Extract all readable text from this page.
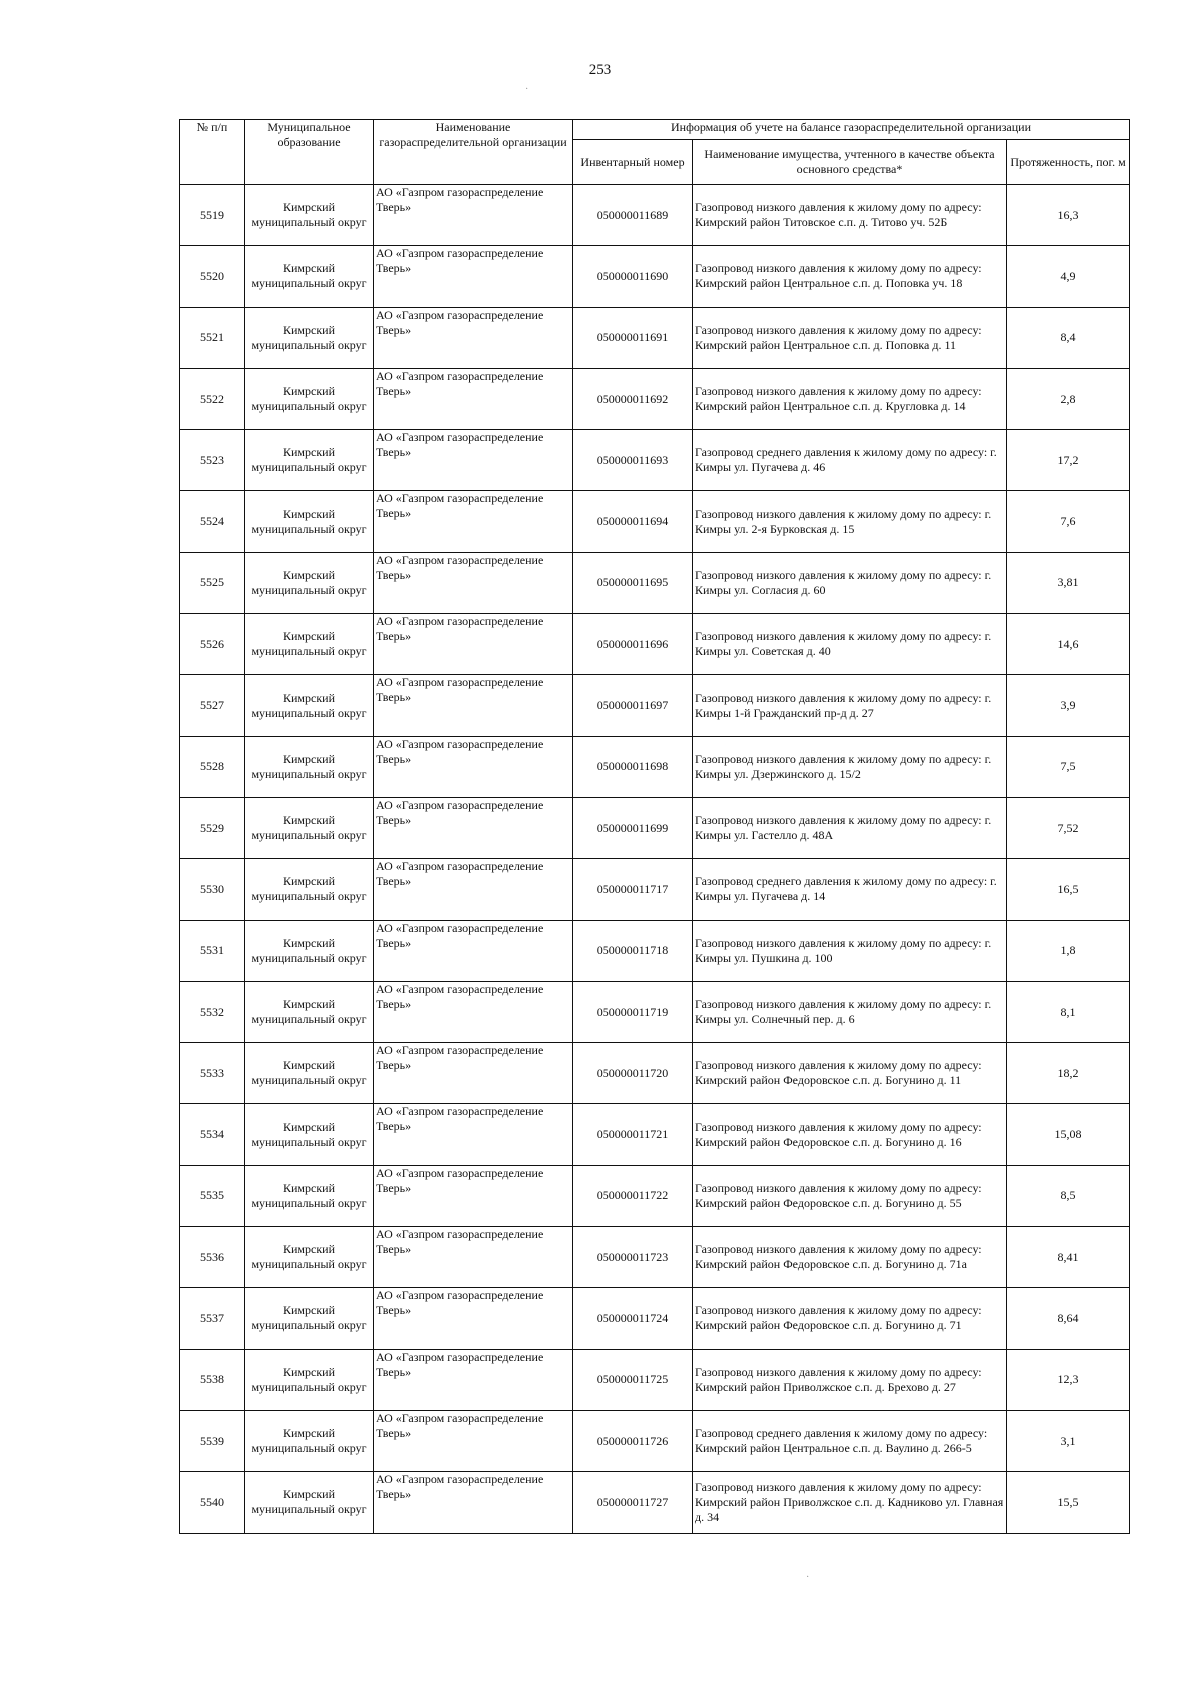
253
·
·
№ п/п	Муниципальное образование	Наименование газораспределительной организации	Информация об учете на балансе газораспределительной организации		
			Инвентарный номер	Наименование имущества, учтенного в качестве объекта основного средства*	Протяженность, пог. м
5519	Кимрский муниципальный округ	АО «Газпром газораспределение Тверь»	050000011689	Газопровод низкого давления к жилому дому по адресу: Кимрский район Титовское с.п. д. Титово уч. 52Б	16,3
5520	Кимрский муниципальный округ	АО «Газпром газораспределение Тверь»	050000011690	Газопровод низкого давления к жилому дому по адресу: Кимрский район Центральное с.п. д. Поповка уч. 18	4,9
5521	Кимрский муниципальный округ	АО «Газпром газораспределение Тверь»	050000011691	Газопровод низкого давления к жилому дому по адресу: Кимрский район Центральное с.п. д. Поповка д. 11	8,4
5522	Кимрский муниципальный округ	АО «Газпром газораспределение Тверь»	050000011692	Газопровод низкого давления к жилому дому по адресу: Кимрский район Центральное с.п. д. Кругловка д. 14	2,8
5523	Кимрский муниципальный округ	АО «Газпром газораспределение Тверь»	050000011693	Газопровод среднего давления к жилому дому по адресу: г. Кимры ул. Пугачева д. 46	17,2
5524	Кимрский муниципальный округ	АО «Газпром газораспределение Тверь»	050000011694	Газопровод низкого давления к жилому дому по адресу: г. Кимры ул. 2-я Бурковская д. 15	7,6
5525	Кимрский муниципальный округ	АО «Газпром газораспределение Тверь»	050000011695	Газопровод низкого давления к жилому дому по адресу: г. Кимры ул. Согласия д. 60	3,81
5526	Кимрский муниципальный округ	АО «Газпром газораспределение Тверь»	050000011696	Газопровод низкого давления к жилому дому по адресу: г. Кимры ул. Советская д. 40	14,6
5527	Кимрский муниципальный округ	АО «Газпром газораспределение Тверь»	050000011697	Газопровод низкого давления к жилому дому по адресу: г. Кимры 1-й Гражданский пр-д д. 27	3,9
5528	Кимрский муниципальный округ	АО «Газпром газораспределение Тверь»	050000011698	Газопровод низкого давления к жилому дому по адресу: г. Кимры ул. Дзержинского д. 15/2	7,5
5529	Кимрский муниципальный округ	АО «Газпром газораспределение Тверь»	050000011699	Газопровод низкого давления к жилому дому по адресу: г. Кимры ул. Гастелло д. 48А	7,52
5530	Кимрский муниципальный округ	АО «Газпром газораспределение Тверь»	050000011717	Газопровод среднего давления к жилому дому по адресу: г. Кимры ул. Пугачева д. 14	16,5
5531	Кимрский муниципальный округ	АО «Газпром газораспределение Тверь»	050000011718	Газопровод низкого давления к жилому дому по адресу: г. Кимры ул. Пушкина д. 100	1,8
5532	Кимрский муниципальный округ	АО «Газпром газораспределение Тверь»	050000011719	Газопровод низкого давления к жилому дому по адресу: г. Кимры ул. Солнечный пер. д. 6	8,1
5533	Кимрский муниципальный округ	АО «Газпром газораспределение Тверь»	050000011720	Газопровод низкого давления к жилому дому по адресу: Кимрский район Федоровское с.п. д. Богунино д. 11	18,2
5534	Кимрский муниципальный округ	АО «Газпром газораспределение Тверь»	050000011721	Газопровод низкого давления к жилому дому по адресу: Кимрский район Федоровское с.п. д. Богунино д. 16	15,08
5535	Кимрский муниципальный округ	АО «Газпром газораспределение Тверь»	050000011722	Газопровод низкого давления к жилому дому по адресу: Кимрский район Федоровское с.п. д. Богунино д. 55	8,5
5536	Кимрский муниципальный округ	АО «Газпром газораспределение Тверь»	050000011723	Газопровод низкого давления к жилому дому по адресу: Кимрский район Федоровское с.п. д. Богунино д. 71а	8,41
5537	Кимрский муниципальный округ	АО «Газпром газораспределение Тверь»	050000011724	Газопровод низкого давления к жилому дому по адресу: Кимрский район Федоровское с.п. д. Богунино д. 71	8,64
5538	Кимрский муниципальный округ	АО «Газпром газораспределение Тверь»	050000011725	Газопровод низкого давления к жилому дому по адресу: Кимрский район Приволжское с.п. д. Брехово д. 27	12,3
5539	Кимрский муниципальный округ	АО «Газпром газораспределение Тверь»	050000011726	Газопровод среднего давления к жилому дому по адресу: Кимрский район Центральное с.п. д. Ваулино д. 266-5	3,1
5540	Кимрский муниципальный округ	АО «Газпром газораспределение Тверь»	050000011727	Газопровод низкого давления к жилому дому по адресу: Кимрский район Приволжское с.п. д. Кадниково ул. Главная д. 34	15,5
